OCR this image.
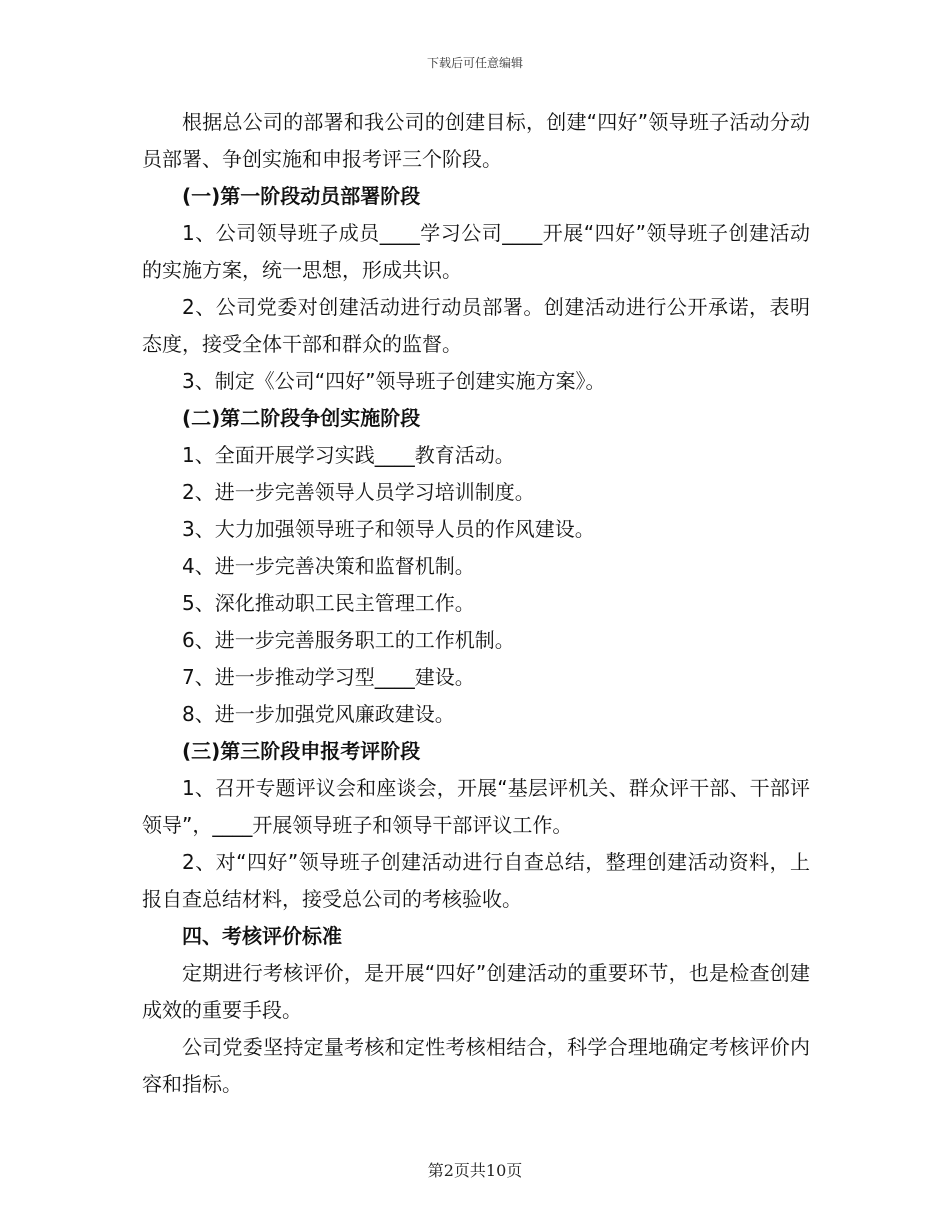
下载后可任意编辑

根据总公司的部署和我公司的创建目标，创建“四好”领导班子活动分动员部署、争创实施和申报考评三个阶段。

(一)第一阶段动员部署阶段

1、公司领导班子成员____学习公司____开展“四好”领导班子创建活动的实施方案，统一思想，形成共识。

2、公司党委对创建活动进行动员部署。创建活动进行公开承诺，表明态度，接受全体干部和群众的监督。

3、制定《公司“四好”领导班子创建实施方案》。

(二)第二阶段争创实施阶段

1、全面开展学习实践____教育活动。

2、进一步完善领导人员学习培训制度。

3、大力加强领导班子和领导人员的作风建设。

4、进一步完善决策和监督机制。

5、深化推动职工民主管理工作。

6、进一步完善服务职工的工作机制。

7、进一步推动学习型____建设。

8、进一步加强党风廉政建设。

(三)第三阶段申报考评阶段

1、召开专题评议会和座谈会，开展“基层评机关、群众评干部、干部评领导”，____开展领导班子和领导干部评议工作。

2、对“四好”领导班子创建活动进行自查总结，整理创建活动资料，上报自查总结材料，接受总公司的考核验收。

四、考核评价标准

定期进行考核评价，是开展“四好”创建活动的重要环节，也是检查创建成效的重要手段。

公司党委坚持定量考核和定性考核相结合，科学合理地确定考核评价内容和指标。

第2页共10页
